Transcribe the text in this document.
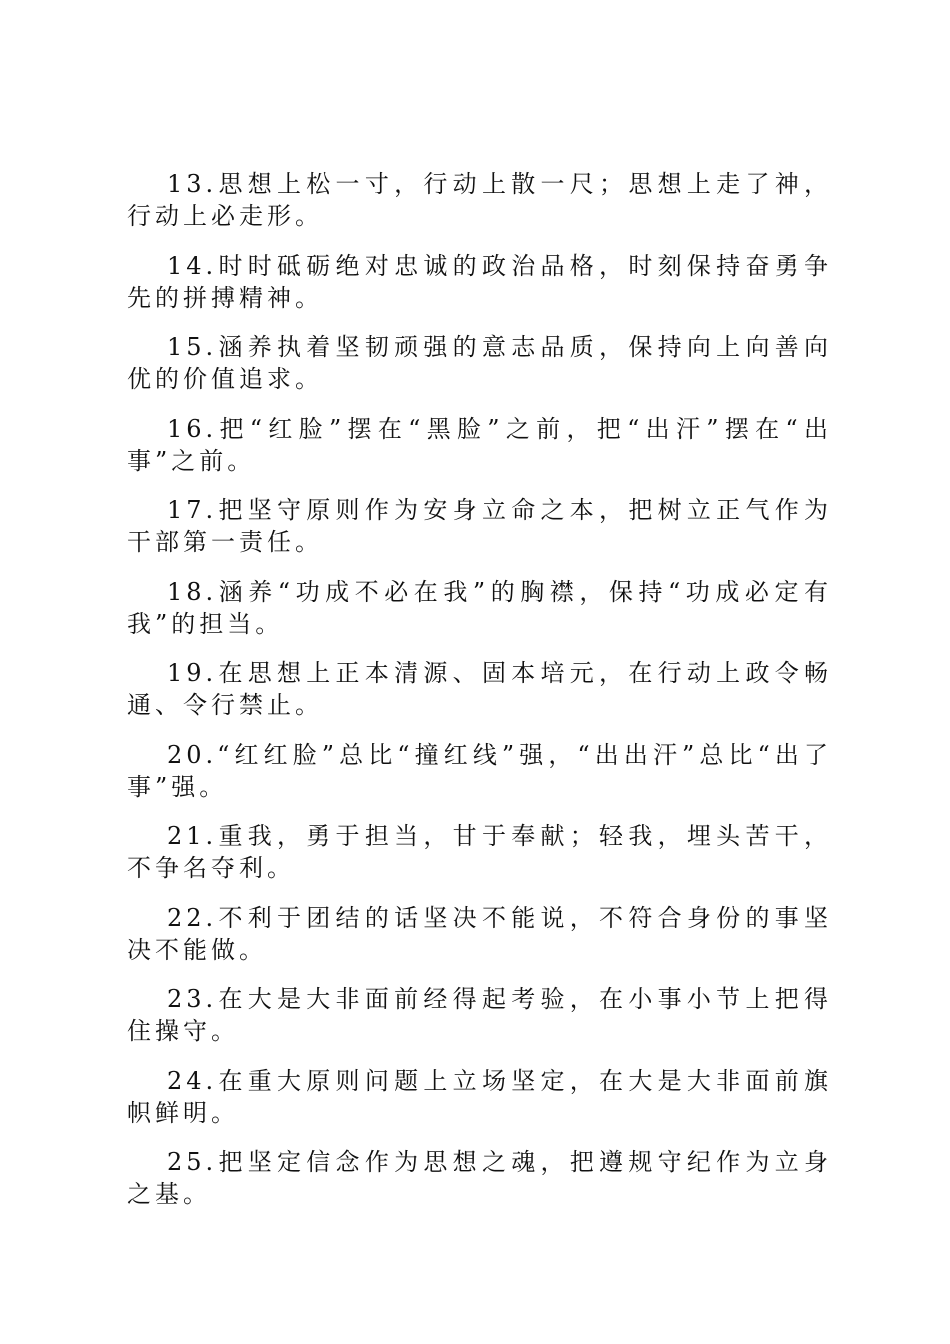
13.思想上松一寸，行动上散一尺；思想上走了神，行动上必走形。

14.时时砥砺绝对忠诚的政治品格，时刻保持奋勇争先的拼搏精神。

15.涵养执着坚韧顽强的意志品质，保持向上向善向优的价值追求。

16.把“红脸”摆在“黑脸”之前，把“出汗”摆在“出事”之前。

17.把坚守原则作为安身立命之本，把树立正气作为干部第一责任。

18.涵养“功成不必在我”的胸襟，保持“功成必定有我”的担当。

19.在思想上正本清源、固本培元，在行动上政令畅通、令行禁止。

20.“红红脸”总比“撞红线”强，“出出汗”总比“出了事”强。

21.重我，勇于担当，甘于奉献；轻我，埋头苦干，不争名夺利。

22.不利于团结的话坚决不能说，不符合身份的事坚决不能做。

23.在大是大非面前经得起考验，在小事小节上把得住操守。

24.在重大原则问题上立场坚定，在大是大非面前旗帜鲜明。

25.把坚定信念作为思想之魂，把遵规守纪作为立身之基。
